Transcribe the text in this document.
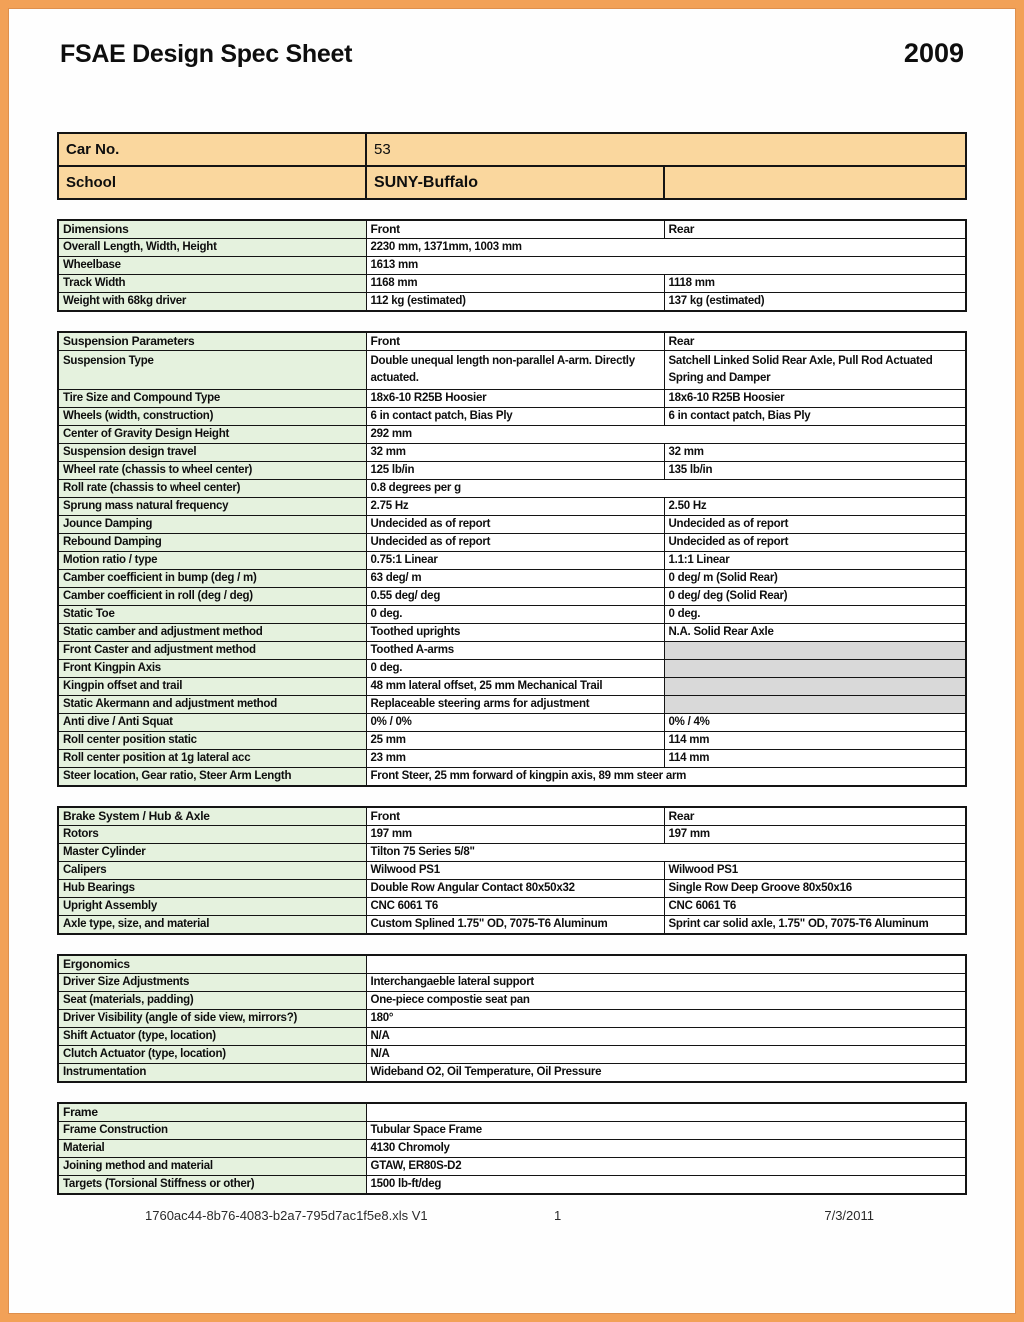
FSAE Design Spec Sheet	2009
Car No.	53	
School	SUNY-Buffalo	
Dimensions	Front	Rear
Overall Length, Width, Height	2230 mm, 1371mm, 1003 mm	
Wheelbase	1613 mm	
Track Width	1168 mm	1118 mm
Weight with 68kg driver	112 kg (estimated)	137 kg (estimated)
Suspension Parameters	Front	Rear
Suspension Type	Double unequal length non-parallel A-arm. Directly actuated.	Satchell Linked Solid Rear Axle, Pull Rod Actuated Spring and Damper
Tire Size and Compound Type	18x6-10 R25B Hoosier	18x6-10 R25B Hoosier
Wheels (width, construction)	6 in contact patch, Bias Ply	6 in contact patch, Bias Ply
Center of Gravity Design Height	292 mm	
Suspension design travel	32 mm	32 mm
Wheel rate (chassis to wheel center)	125 lb/in	135 lb/in
Roll rate (chassis to wheel center)	0.8 degrees per g	
Sprung mass natural frequency	2.75 Hz	2.50 Hz
Jounce Damping	Undecided as of report	Undecided as of report
Rebound Damping	Undecided as of report	Undecided as of report
Motion ratio / type	0.75:1 Linear	1.1:1 Linear
Camber coefficient in bump (deg / m)	63 deg/ m	0 deg/ m (Solid Rear)
Camber coefficient in roll (deg / deg)	0.55 deg/ deg	0 deg/ deg (Solid Rear)
Static Toe	0 deg.	0 deg.
Static camber and adjustment method	Toothed uprights	N.A. Solid Rear Axle
Front Caster and adjustment method	Toothed A-arms	
Front Kingpin Axis	0 deg.	
Kingpin offset and trail	48 mm lateral offset, 25 mm Mechanical Trail	
Static Akermann and adjustment method	Replaceable steering arms for adjustment	
Anti dive / Anti Squat	0% / 0%	0% / 4%
Roll center position static	25 mm	114 mm
Roll center position at 1g lateral acc	23 mm	114 mm
Steer location, Gear ratio, Steer Arm Length	Front Steer, 25 mm forward of kingpin axis, 89 mm steer arm	
Brake System / Hub & Axle	Front	Rear
Rotors	197 mm	197 mm
Master Cylinder	Tilton 75 Series 5/8"	
Calipers	Wilwood PS1	Wilwood PS1
Hub Bearings	Double Row Angular Contact 80x50x32	Single Row Deep Groove 80x50x16
Upright Assembly	CNC 6061 T6	CNC 6061 T6
Axle type, size, and material	Custom Splined 1.75" OD, 7075-T6 Aluminum	Sprint car solid axle, 1.75" OD, 7075-T6 Aluminum
Ergonomics	
Driver Size Adjustments	Interchangaeble lateral support
Seat (materials, padding)	One-piece compostie seat pan
Driver Visibility (angle of side view, mirrors?)	180°
Shift Actuator (type, location)	N/A
Clutch Actuator (type, location)	N/A
Instrumentation	Wideband O2, Oil Temperature, Oil Pressure
Frame	
Frame Construction	Tubular Space Frame
Material	4130 Chromoly
Joining method and material	GTAW, ER80S-D2
Targets (Torsional Stiffness or other)	1500 lb-ft/deg
1760ac44-8b76-4083-b2a7-795d7ac1f5e8.xls V1	1	7/3/2011
